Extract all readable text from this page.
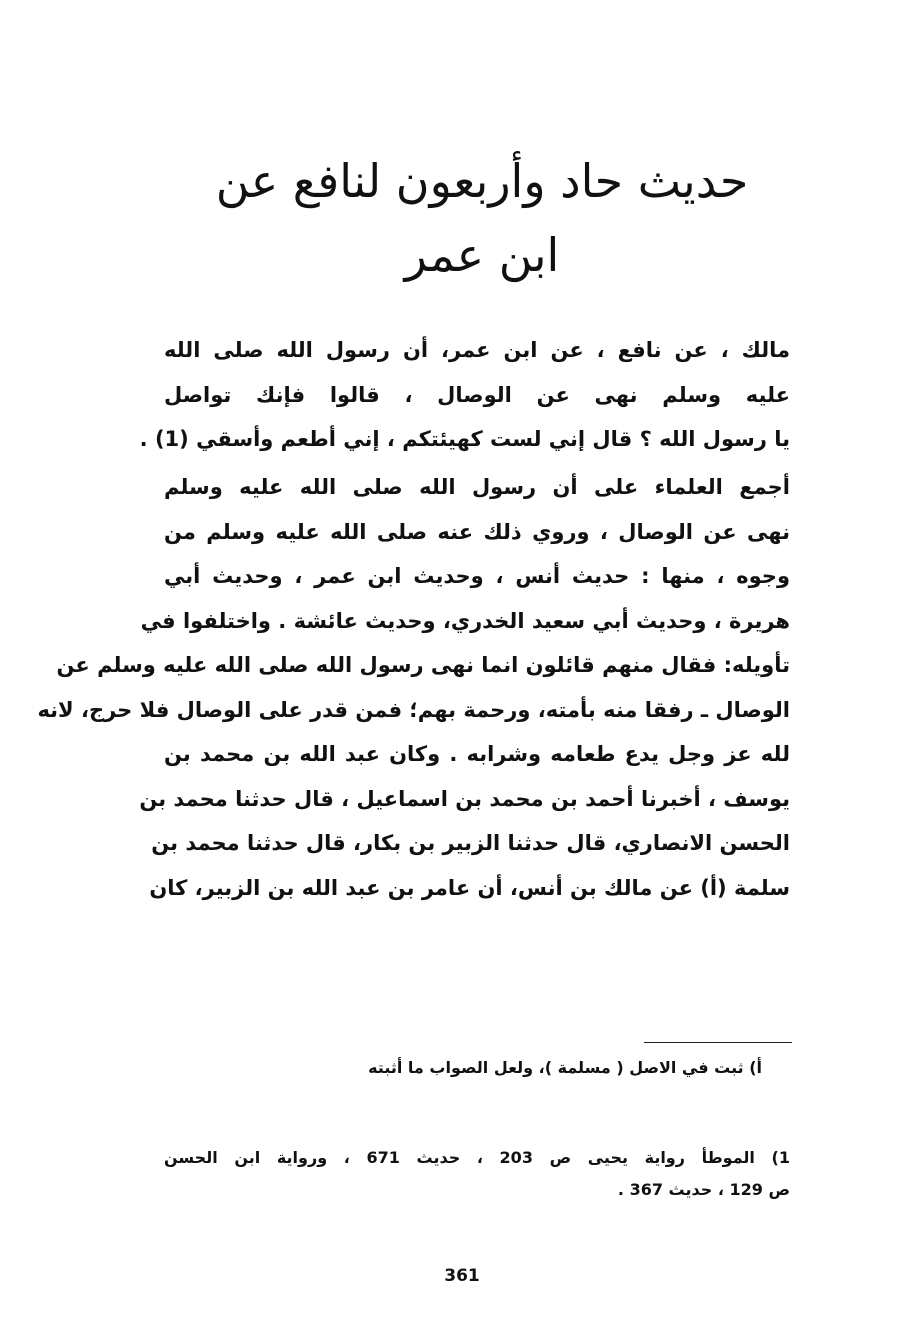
حديث حاد وأربعون لنافع عن
ابن عمر
مالك ، عن نافع ، عن ابن عمر، أن رسول الله صلى الله
عليه وسلم نهى عن الوصال ، قالوا فإنك تواصل
يا رسول الله ؟ قال إني لست كهيئتكم ، إني أطعم وأسقي (1) .
أجمع العلماء على أن رسول الله صلى الله عليه وسلم
نهى عن الوصال ، وروي ذلك عنه صلى الله عليه وسلم من
وجوه ، منها : حديث أنس ، وحديث ابن عمر ، وحديث أبي
هريرة ، وحديث أبي سعيد الخدري، وحديث عائشة . واختلفوا في
تأويله: فقال منهم قائلون انما نهى رسول الله صلى الله عليه وسلم عن
الوصال ـ رفقا منه بأمته، ورحمة بهم؛ فمن قدر على الوصال فلا حرج، لانه
لله عز وجل يدع طعامه وشرابه . وكان عبد الله بن محمد بن
يوسف ، أخبرنا أحمد بن محمد بن اسماعيل ، قال حدثنا محمد بن
الحسن الانصاري، قال حدثنا الزبير بن بكار، قال حدثنا محمد بن
سلمة (أ) عن مالك بن أنس، أن عامر بن عبد الله بن الزبير، كان
أ) ثبت في الاصل ( مسلمة )، ولعل الصواب ما أثبته
1) الموطأ رواية يحيى ص 203 ، حديث 671 ، ورواية ابن الحسن
ص 129 ، حديث 367 .
361
